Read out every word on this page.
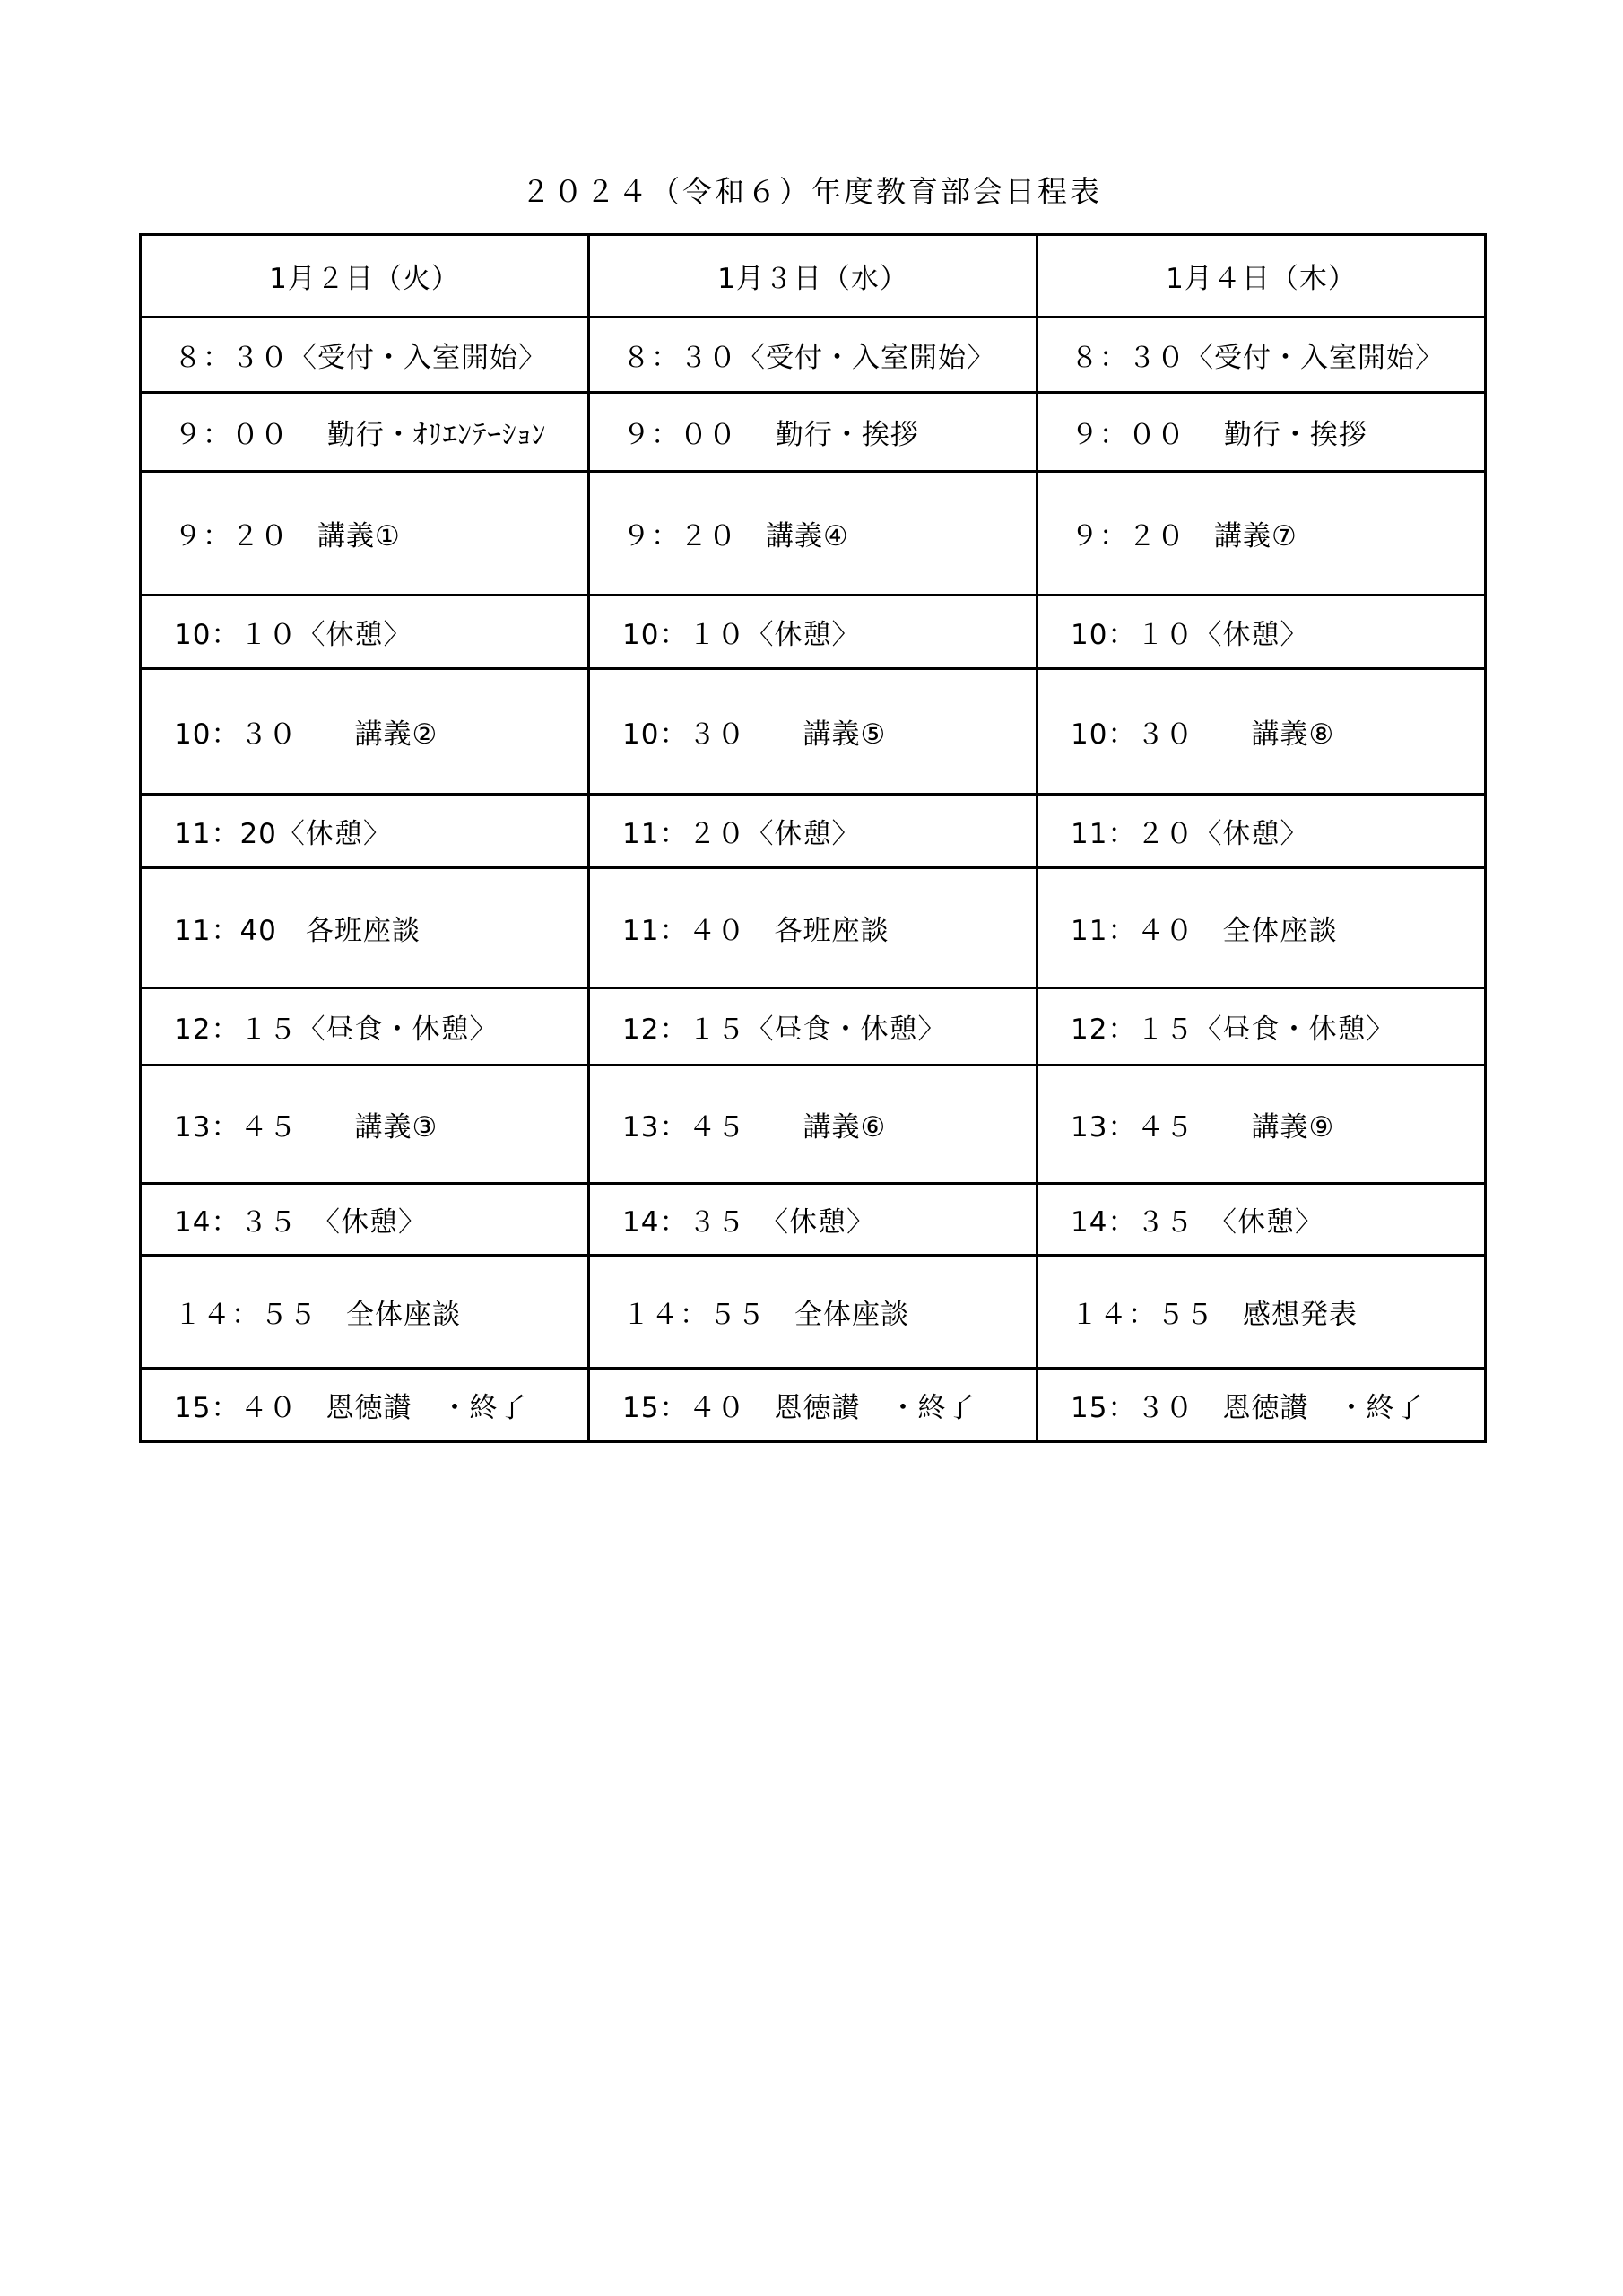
２０２４（令和６）年度教育部会日程表
1月２日（火）	1月３日（水）	1月４日（木）
８：３０〈受付・入室開始〉	８：３０〈受付・入室開始〉	８：３０〈受付・入室開始〉
９：００　 勤行・ｵﾘｴﾝﾃｰｼｮﾝ	９：００　 勤行・挨拶	９：００　 勤行・挨拶
９：２０　講義①	９：２０　講義④	９：２０　講義⑦
10：１０〈休憩〉	10：１０〈休憩〉	10：１０〈休憩〉
10：３０　　講義②	10：３０　　講義⑤	10：３０　　講義⑧
11：20〈休憩〉	11：２０〈休憩〉	11：２０〈休憩〉
11：40　各班座談	11：４０　各班座談	11：４０　全体座談
12：１５〈昼食・休憩〉	12：１５〈昼食・休憩〉	12：１５〈昼食・休憩〉
13：４５　　講義③	13：４５　　講義⑥	13：４５　　講義⑨
14：３５　〈休憩〉	14：３５　〈休憩〉	14：３５　〈休憩〉
１４：５５　全体座談	１４：５５　全体座談	１４：５５　感想発表
15：４０　恩徳讃　・終了	15：４０　恩徳讃　・終了	15：３０　恩徳讃　・終了
